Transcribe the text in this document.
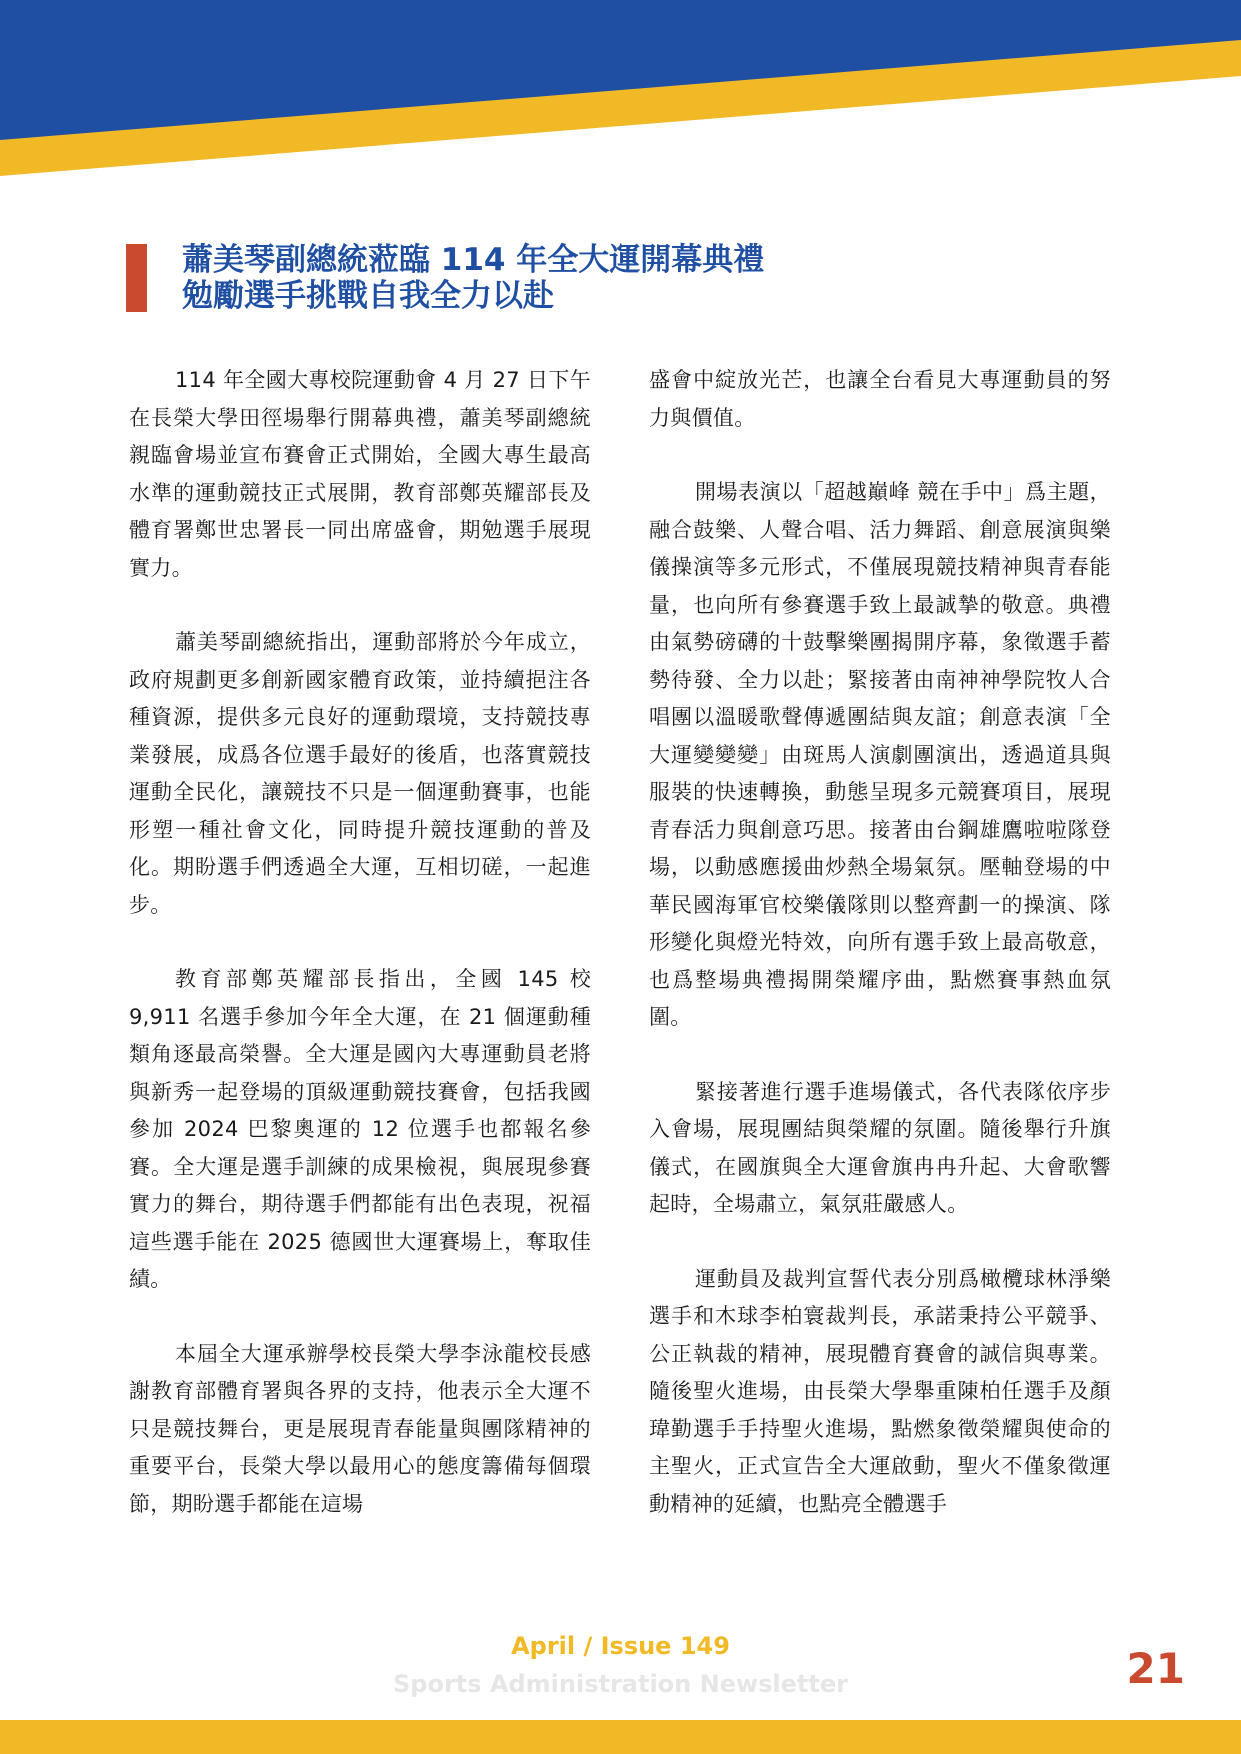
蕭美琴副總統蒞臨 114 年全大運開幕典禮
勉勵選手挑戰自我全力以赴

114 年全國大專校院運動會 4 月 27 日下午在長榮大學田徑場舉行開幕典禮，蕭美琴副總統親臨會場並宣布賽會正式開始，全國大專生最高水準的運動競技正式展開，教育部鄭英耀部長及體育署鄭世忠署長一同出席盛會，期勉選手展現實力。

蕭美琴副總統指出，運動部將於今年成立，政府規劃更多創新國家體育政策，並持續挹注各種資源，提供多元良好的運動環境，支持競技專業發展，成爲各位選手最好的後盾，也落實競技運動全民化，讓競技不只是一個運動賽事，也能形塑一種社會文化，同時提升競技運動的普及化。期盼選手們透過全大運，互相切磋，一起進步。

教育部鄭英耀部長指出，全國 145 校 9,911 名選手參加今年全大運，在 21 個運動種類角逐最高榮譽。全大運是國內大專運動員老將與新秀一起登場的頂級運動競技賽會，包括我國參加 2024 巴黎奧運的 12 位選手也都報名參賽。全大運是選手訓練的成果檢視，與展現參賽實力的舞台，期待選手們都能有出色表現，祝福這些選手能在 2025 德國世大運賽場上，奪取佳績。

本屆全大運承辦學校長榮大學李泳龍校長感謝教育部體育署與各界的支持，他表示全大運不只是競技舞台，更是展現青春能量與團隊精神的重要平台，長榮大學以最用心的態度籌備每個環節，期盼選手都能在這場

盛會中綻放光芒，也讓全台看見大專運動員的努力與價值。

開場表演以「超越巔峰 競在手中」爲主題，融合鼓樂、人聲合唱、活力舞蹈、創意展演與樂儀操演等多元形式，不僅展現競技精神與青春能量，也向所有參賽選手致上最誠摯的敬意。典禮由氣勢磅礴的十鼓擊樂團揭開序幕，象徵選手蓄勢待發、全力以赴；緊接著由南神神學院牧人合唱團以溫暖歌聲傳遞團結與友誼；創意表演「全大運變變變」由斑馬人演劇團演出，透過道具與服裝的快速轉換，動態呈現多元競賽項目，展現青春活力與創意巧思。接著由台鋼雄鷹啦啦隊登場，以動感應援曲炒熱全場氣氛。壓軸登場的中華民國海軍官校樂儀隊則以整齊劃一的操演、隊形變化與燈光特效，向所有選手致上最高敬意，也爲整場典禮揭開榮耀序曲，點燃賽事熱血氛圍。

緊接著進行選手進場儀式，各代表隊依序步入會場，展現團結與榮耀的氛圍。隨後舉行升旗儀式，在國旗與全大運會旗冉冉升起、大會歌響起時，全場肅立，氣氛莊嚴感人。

運動員及裁判宣誓代表分別爲橄欖球林淨樂選手和木球李柏寰裁判長，承諾秉持公平競爭、公正執裁的精神，展現體育賽會的誠信與專業。隨後聖火進場，由長榮大學舉重陳柏任選手及顏瑋勤選手手持聖火進場，點燃象徵榮耀與使命的主聖火，正式宣告全大運啟動，聖火不僅象徵運動精神的延續，也點亮全體選手

April / Issue 149
Sports Administration Newsletter	21
